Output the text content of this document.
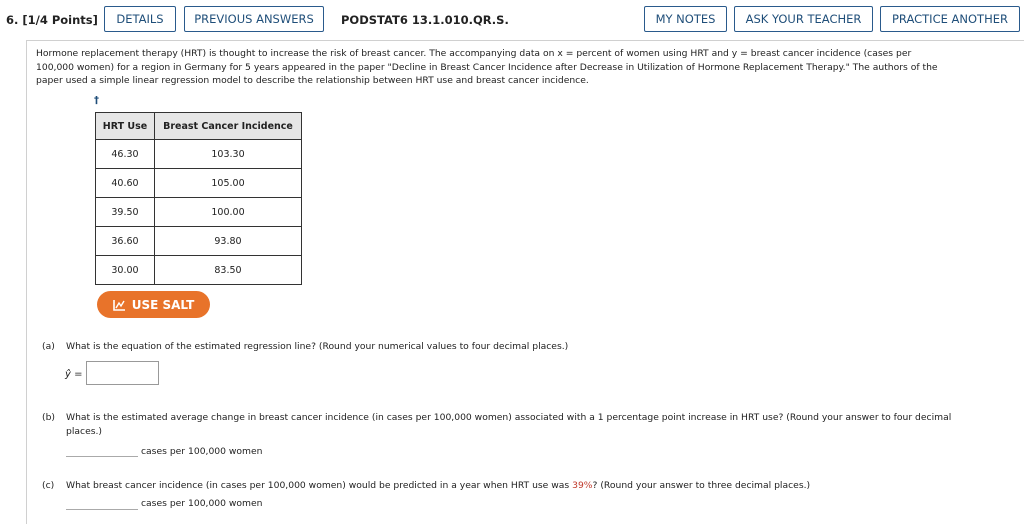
6. [1/4 Points]	DETAILS	PREVIOUS ANSWERS	PODSTAT6 13.1.010.QR.S.	MY NOTES	ASK YOUR TEACHER	PRACTICE ANOTHER
Hormone replacement therapy (HRT) is thought to increase the risk of breast cancer. The accompanying data on x = percent of women using HRT and y = breast cancer incidence (cases per
100,000 women) for a region in Germany for 5 years appeared in the paper "Decline in Breast Cancer Incidence after Decrease in Utilization of Hormone Replacement Therapy." The authors of the
paper used a simple linear regression model to describe the relationship between HRT use and breast cancer incidence.
†
HRT Use	Breast Cancer Incidence
46.30	103.30
40.60	105.00
39.50	100.00
36.60	93.80
30.00	83.50
USE SALT
(a) What is the equation of the estimated regression line? (Round your numerical values to four decimal places.)
ŷ =
(b) What is the estimated average change in breast cancer incidence (in cases per 100,000 women) associated with a 1 percentage point increase in HRT use? (Round your answer to four decimal
places.)
cases per 100,000 women
(c) What breast cancer incidence (in cases per 100,000 women) would be predicted in a year when HRT use was 39%? (Round your answer to three decimal places.)
cases per 100,000 women
